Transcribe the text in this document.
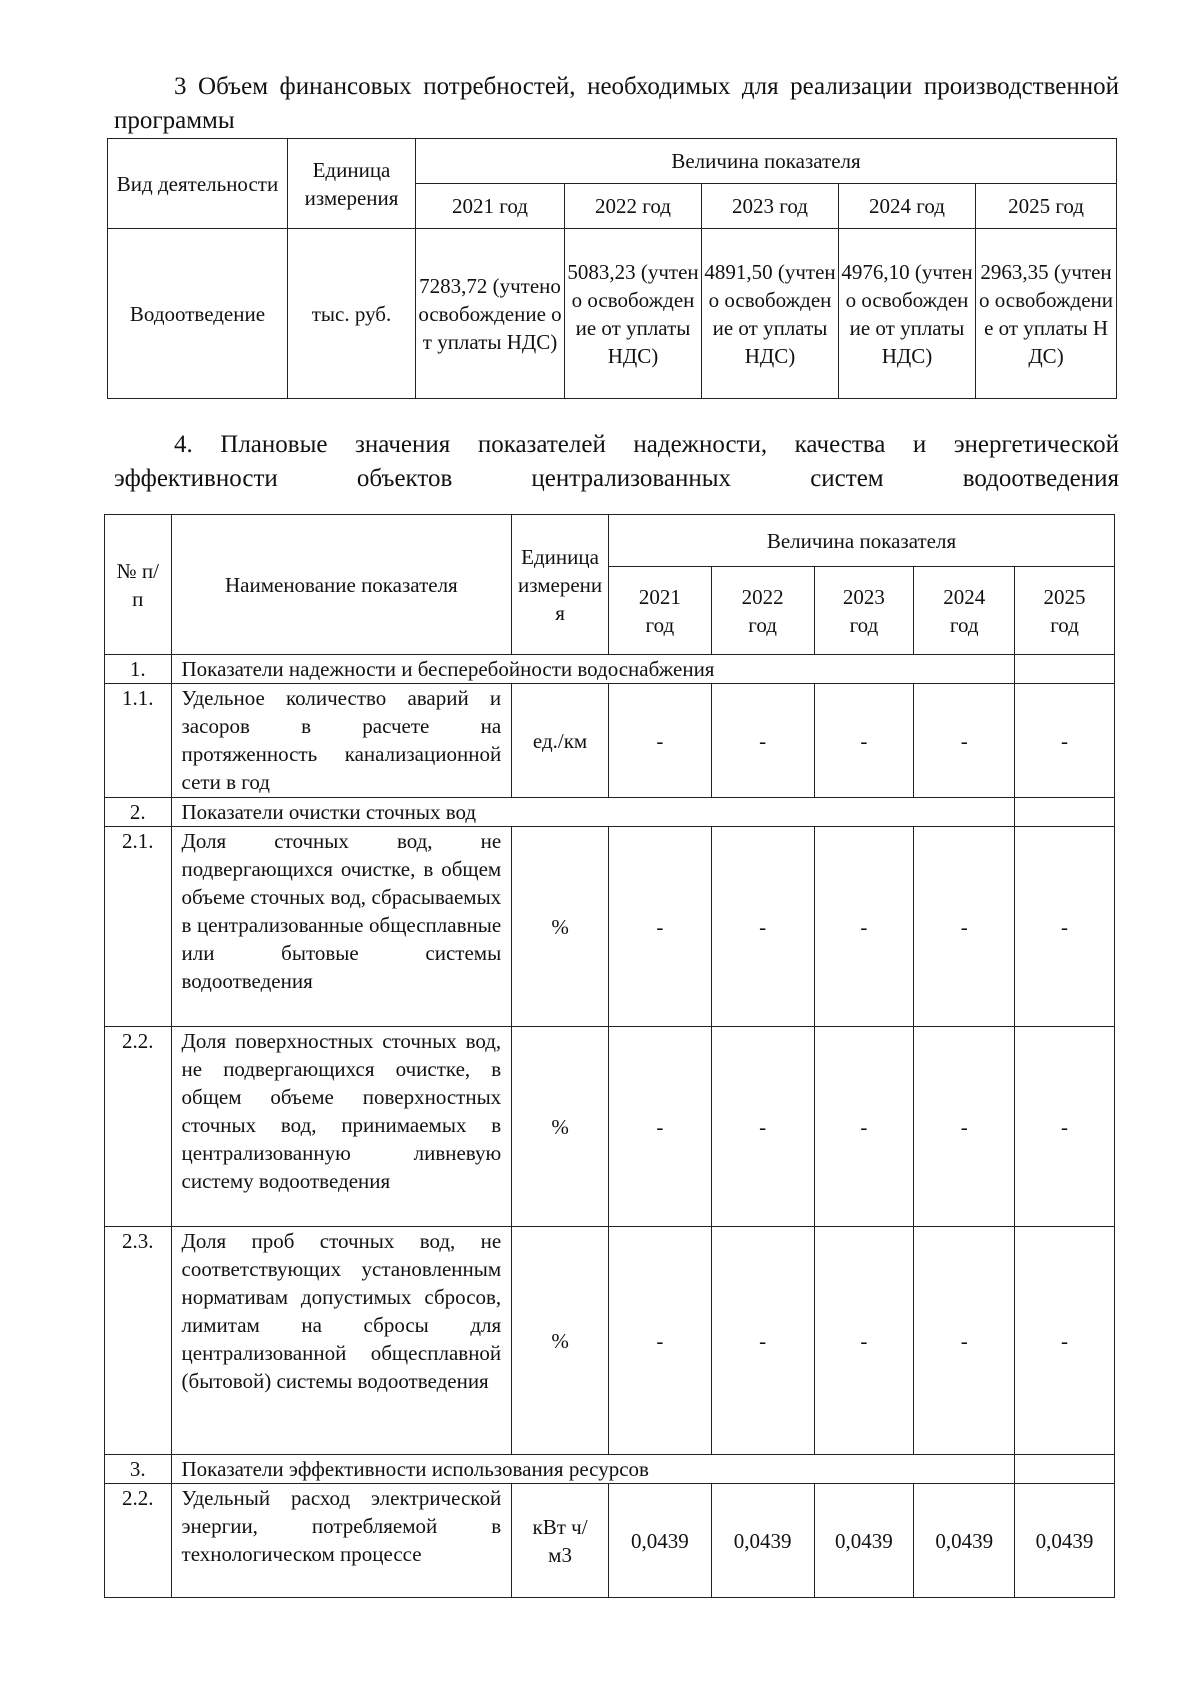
3 Объем финансовых потребностей, необходимых для реализации производственной программы

Вид деятельности	Единица измерения	Величина показателя				
		2021 год	2022 год	2023 год	2024 год	2025 год
Водоотведение	тыс. руб.	7283,72 (учтено освобождение от уплаты НДС)	5083,23 (учтено освобождение от уплаты НДС)	4891,50 (учтено освобождение от уплаты НДС)	4976,10 (учтено освобождение от уплаты НДС)	2963,35 (учтено освобождение от уплаты НДС)

4. Плановые значения показателей надежности, качества и энергетической эффективности объектов централизованных систем водоотведения

№ п/п	Наименование показателя	Единица измерения	Величина показателя				
			2021 год	2022 год	2023 год	2024 год	2025 год
1.	Показатели надежности и бесперебойности водоснабжения						
1.1.	Удельное количество аварий и засоров в расчете на протяженность канализационной сети в год	ед./км	-	-	-	-	-
2.	Показатели очистки сточных вод						
2.1.	Доля сточных вод, не подвергающихся очистке, в общем объеме сточных вод, сбрасываемых в централизованные общесплавные или бытовые системы водоотведения	%	-	-	-	-	-
2.2.	Доля поверхностных сточных вод, не подвергающихся очистке, в общем объеме поверхностных сточных вод, принимаемых в централизованную ливневую систему водоотведения	%	-	-	-	-	-
2.3.	Доля проб сточных вод, не соответствующих установленным нормативам допустимых сбросов, лимитам на сбросы для централизованной общесплавной (бытовой) системы водоотведения	%	-	-	-	-	-
3.	Показатели эффективности использования ресурсов						
2.2.	Удельный расход электрической энергии, потребляемой в технологическом процессе	кВт ч/м3	0,0439	0,0439	0,0439	0,0439	0,0439
